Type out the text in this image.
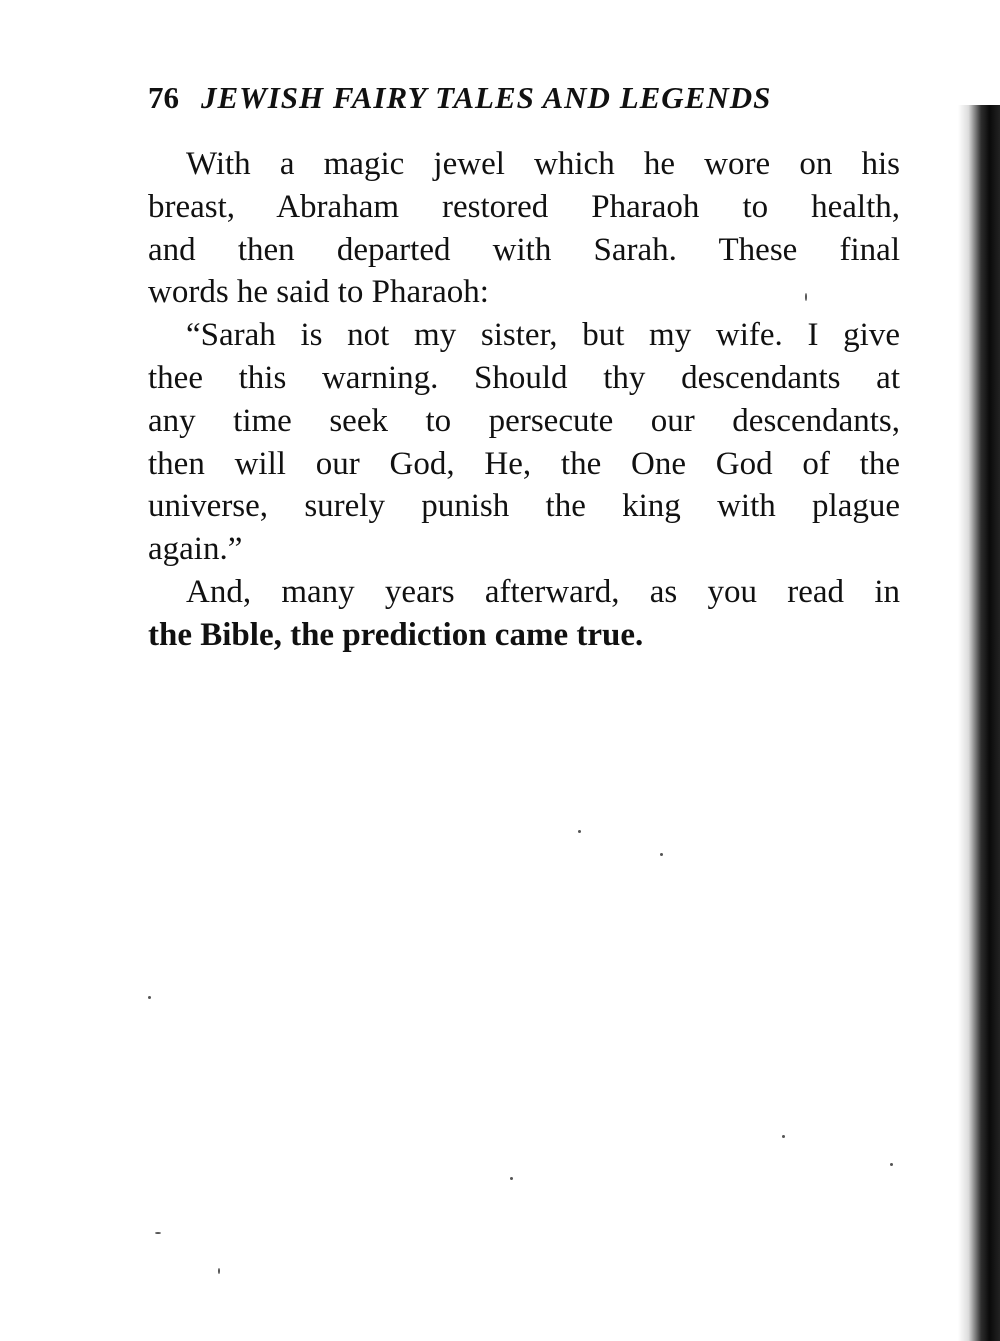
76 JEWISH FAIRY TALES AND LEGENDS
With a magic jewel which he wore on his
breast, Abraham restored Pharaoh to health,
and then departed with Sarah. These final
words he said to Pharaoh:
“Sarah is not my sister, but my wife. I give
thee this warning. Should thy descendants at
any time seek to persecute our descendants,
then will our God, He, the One God of the
universe, surely punish the king with plague
again.”
And, many years afterward, as you read in
the Bible, the prediction came true.
